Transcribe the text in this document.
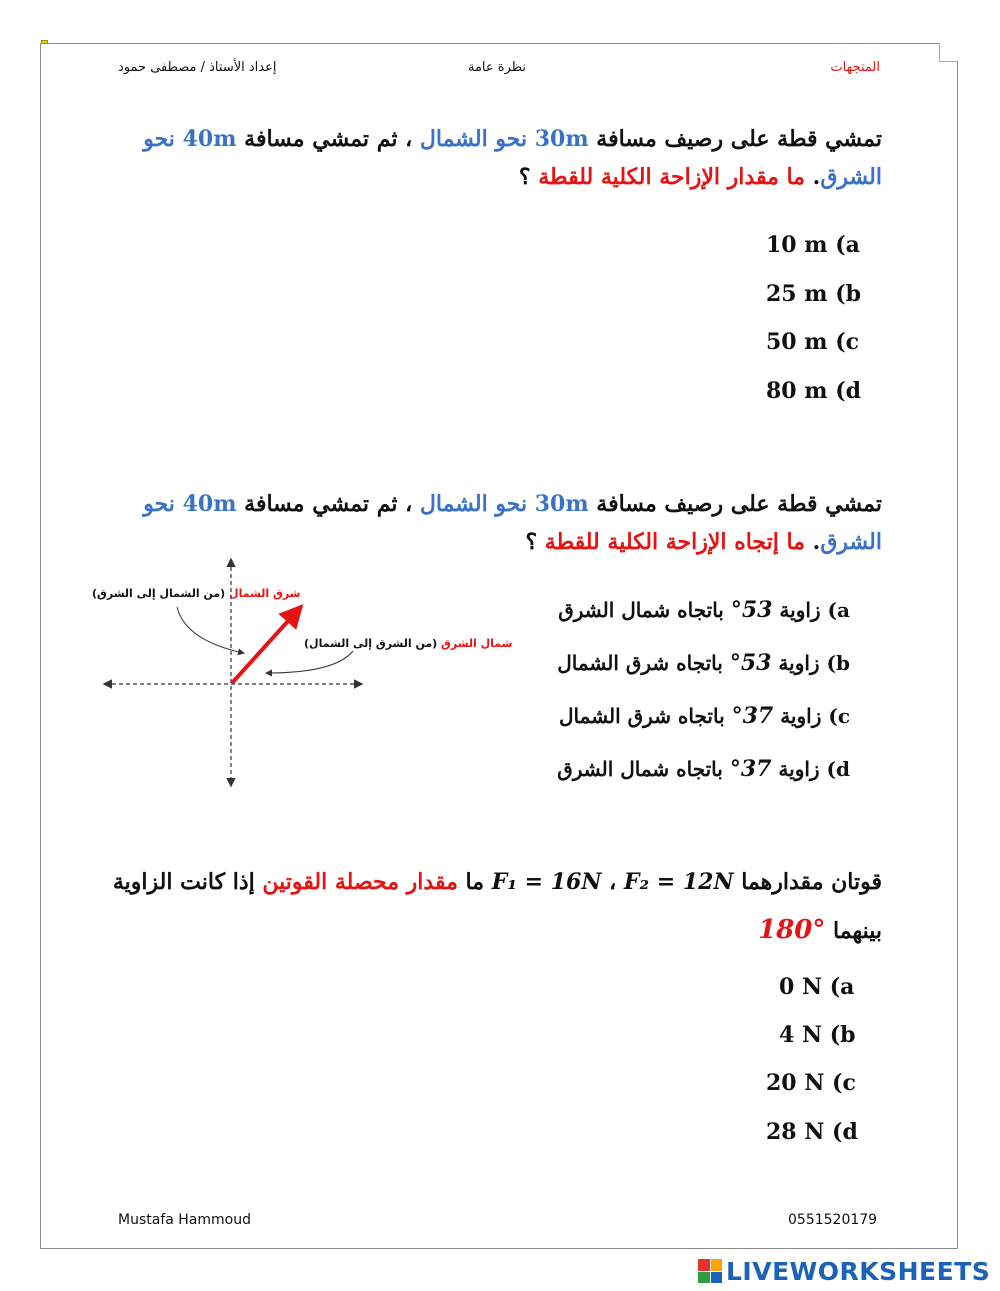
المتجهات
نظرة عامة
إعداد الأستاذ / مصطفى حمود
تمشي قطة على رصيف مسافة 30m نحو الشمال ، ثم تمشي مسافة 40m نحو الشرق. ما مقدار الإزاحة الكلية للقطة ؟
10 m (a
25 m (b
50 m (c
80 m (d
تمشي قطة على رصيف مسافة 30m نحو الشمال ، ثم تمشي مسافة 40m نحو الشرق. ما إتجاه الإزاحة الكلية للقطة ؟
شرق الشمال (من الشمال إلى الشرق)
شمال الشرق (من الشرق إلى الشمال)
a) زاوية 53° باتجاه شمال الشرق
b) زاوية 53° باتجاه شرق الشمال
c) زاوية 37° باتجاه شرق الشمال
d) زاوية 37° باتجاه شمال الشرق
قوتان مقدارهما F₂ = 12N ، F₁ = 16N ما مقدار محصلة القوتين إذا كانت الزاوية بينهما 180°
0 N (a
4 N (b
20 N (c
28 N (d
Mustafa Hammoud	0551520179
LIVEWORKSHEETS
